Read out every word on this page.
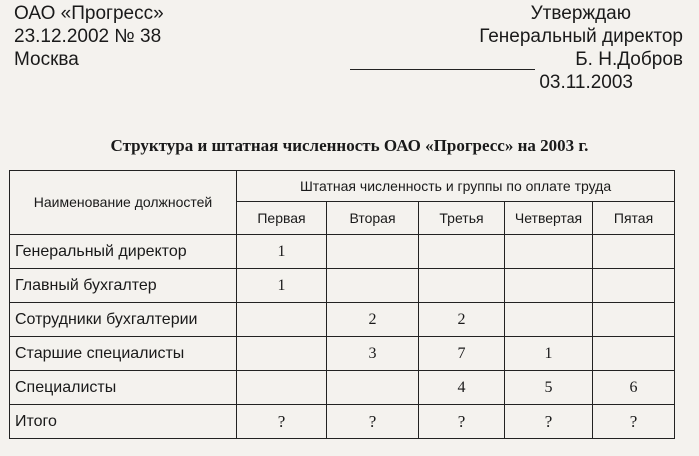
ОАО «Прогресс»
23.12.2002 № 38
Москва
Утверждаю
Генеральный директор
Б. Н.Добров
03.11.2003
Структура и штатная численность ОАО «Прогресс» на 2003 г.
Наименование должностей	Штатная численность и группы по оплате труда				
	Первая	Вторая	Третья	Четвертая	Пятая
Генеральный директор	1				
Главный бухгалтер	1				
Сотрудники бухгалтерии		2	2		
Старшие специалисты		3	7	1	
Специалисты			4	5	6
Итого	?	?	?	?	?
